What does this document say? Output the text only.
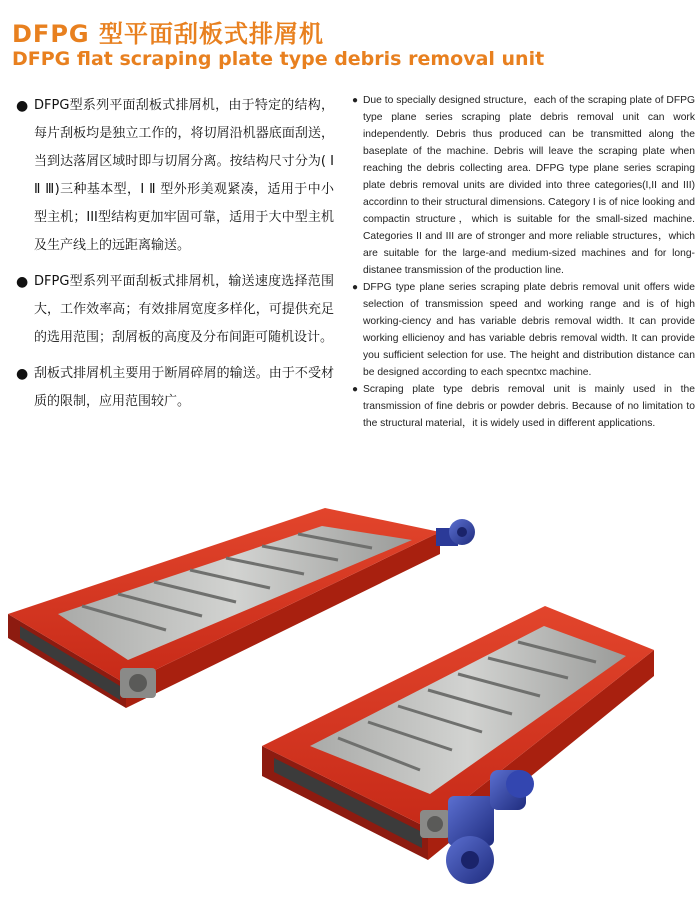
DFPG 型平面刮板式排屑机
DFPG flat scraping plate type debris removal unit
● DFPG型系列平面刮板式排屑机，由于特定的结构，每片刮板均是独立工作的，将切屑沿机器底面刮送，当到达落屑区域时即与切屑分离。按结构尺寸分为( Ⅰ Ⅱ Ⅲ)三种基本型，Ⅰ Ⅱ 型外形美观紧凑，适用于中小型主机；III型结构更加牢固可靠，适用于大中型主机及生产线上的远距离输送。
● DFPG型系列平面刮板式排屑机，输送速度选择范围大，工作效率高；有效排屑宽度多样化，可提供充足的选用范围；刮屑板的高度及分布间距可随机设计。
● 刮板式排屑机主要用于断屑碎屑的输送。由于不受材质的限制，应用范围较广。
● Due to specially designed structure，each of the scraping plate of DFPG type plane series scraping plate debris removal unit can work independently. Debris thus produced can be transmitted along the baseplate of the machine. Debris will leave the scraping plate when reaching the debris collecting area. DFPG type plane series scraping plate debris removal units are divided into three categories(I,II and III) accordinn to their structural dimensions. Category I is of nice looking and compactin structure，which is suitable for the small-sized machine. Categories II and III are of stronger and more reliable structures，which are suitable for the large-and medium-sized machines and for long-distanee transmission of the production line.
● DFPG type plane series scraping plate debris removal unit offers wide selection of transmission speed and working range and is of high working-ciency and has variable debris removal width. It can provide working ellicienoy and has variable debris removal width. It can provide you sufficient selection for use. The height and distribution distance can be designed according to each specntxc machine.
● Scraping plate type debris removal unit is mainly used in the transmission of fine debris or powder debris. Because of no limitation to the structural material，it is widely used in different applications.
